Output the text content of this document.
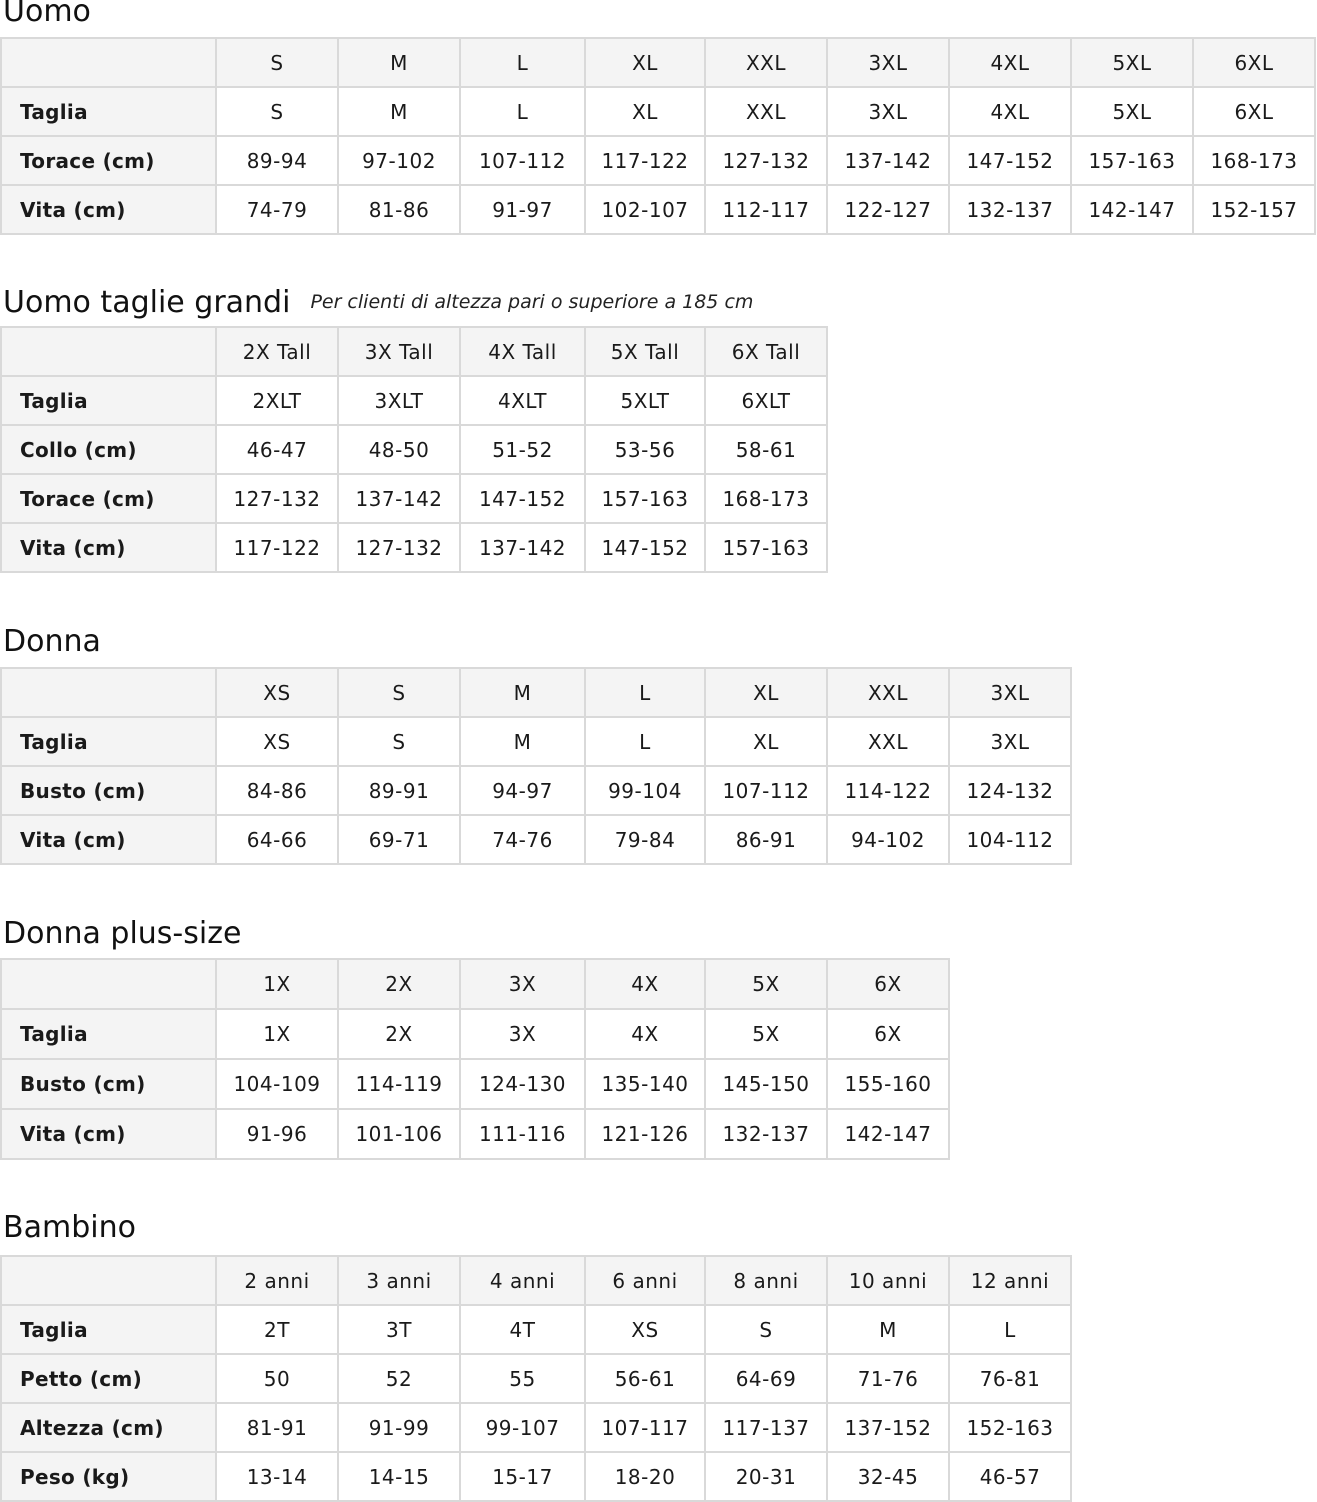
Uomo
	S	M	L	XL	XXL	3XL	4XL	5XL	6XL
Taglia	S	M	L	XL	XXL	3XL	4XL	5XL	6XL
Torace (cm)	89-94	97-102	107-112	117-122	127-132	137-142	147-152	157-163	168-173
Vita (cm)	74-79	81-86	91-97	102-107	112-117	122-127	132-137	142-147	152-157
Uomo taglie grandi Per clienti di altezza pari o superiore a 185 cm
	2X Tall	3X Tall	4X Tall	5X Tall	6X Tall
Taglia	2XLT	3XLT	4XLT	5XLT	6XLT
Collo (cm)	46-47	48-50	51-52	53-56	58-61
Torace (cm)	127-132	137-142	147-152	157-163	168-173
Vita (cm)	117-122	127-132	137-142	147-152	157-163
Donna
	XS	S	M	L	XL	XXL	3XL
Taglia	XS	S	M	L	XL	XXL	3XL
Busto (cm)	84-86	89-91	94-97	99-104	107-112	114-122	124-132
Vita (cm)	64-66	69-71	74-76	79-84	86-91	94-102	104-112
Donna plus-size
	1X	2X	3X	4X	5X	6X
Taglia	1X	2X	3X	4X	5X	6X
Busto (cm)	104-109	114-119	124-130	135-140	145-150	155-160
Vita (cm)	91-96	101-106	111-116	121-126	132-137	142-147
Bambino
	2 anni	3 anni	4 anni	6 anni	8 anni	10 anni	12 anni
Taglia	2T	3T	4T	XS	S	M	L
Petto (cm)	50	52	55	56-61	64-69	71-76	76-81
Altezza (cm)	81-91	91-99	99-107	107-117	117-137	137-152	152-163
Peso (kg)	13-14	14-15	15-17	18-20	20-31	32-45	46-57
